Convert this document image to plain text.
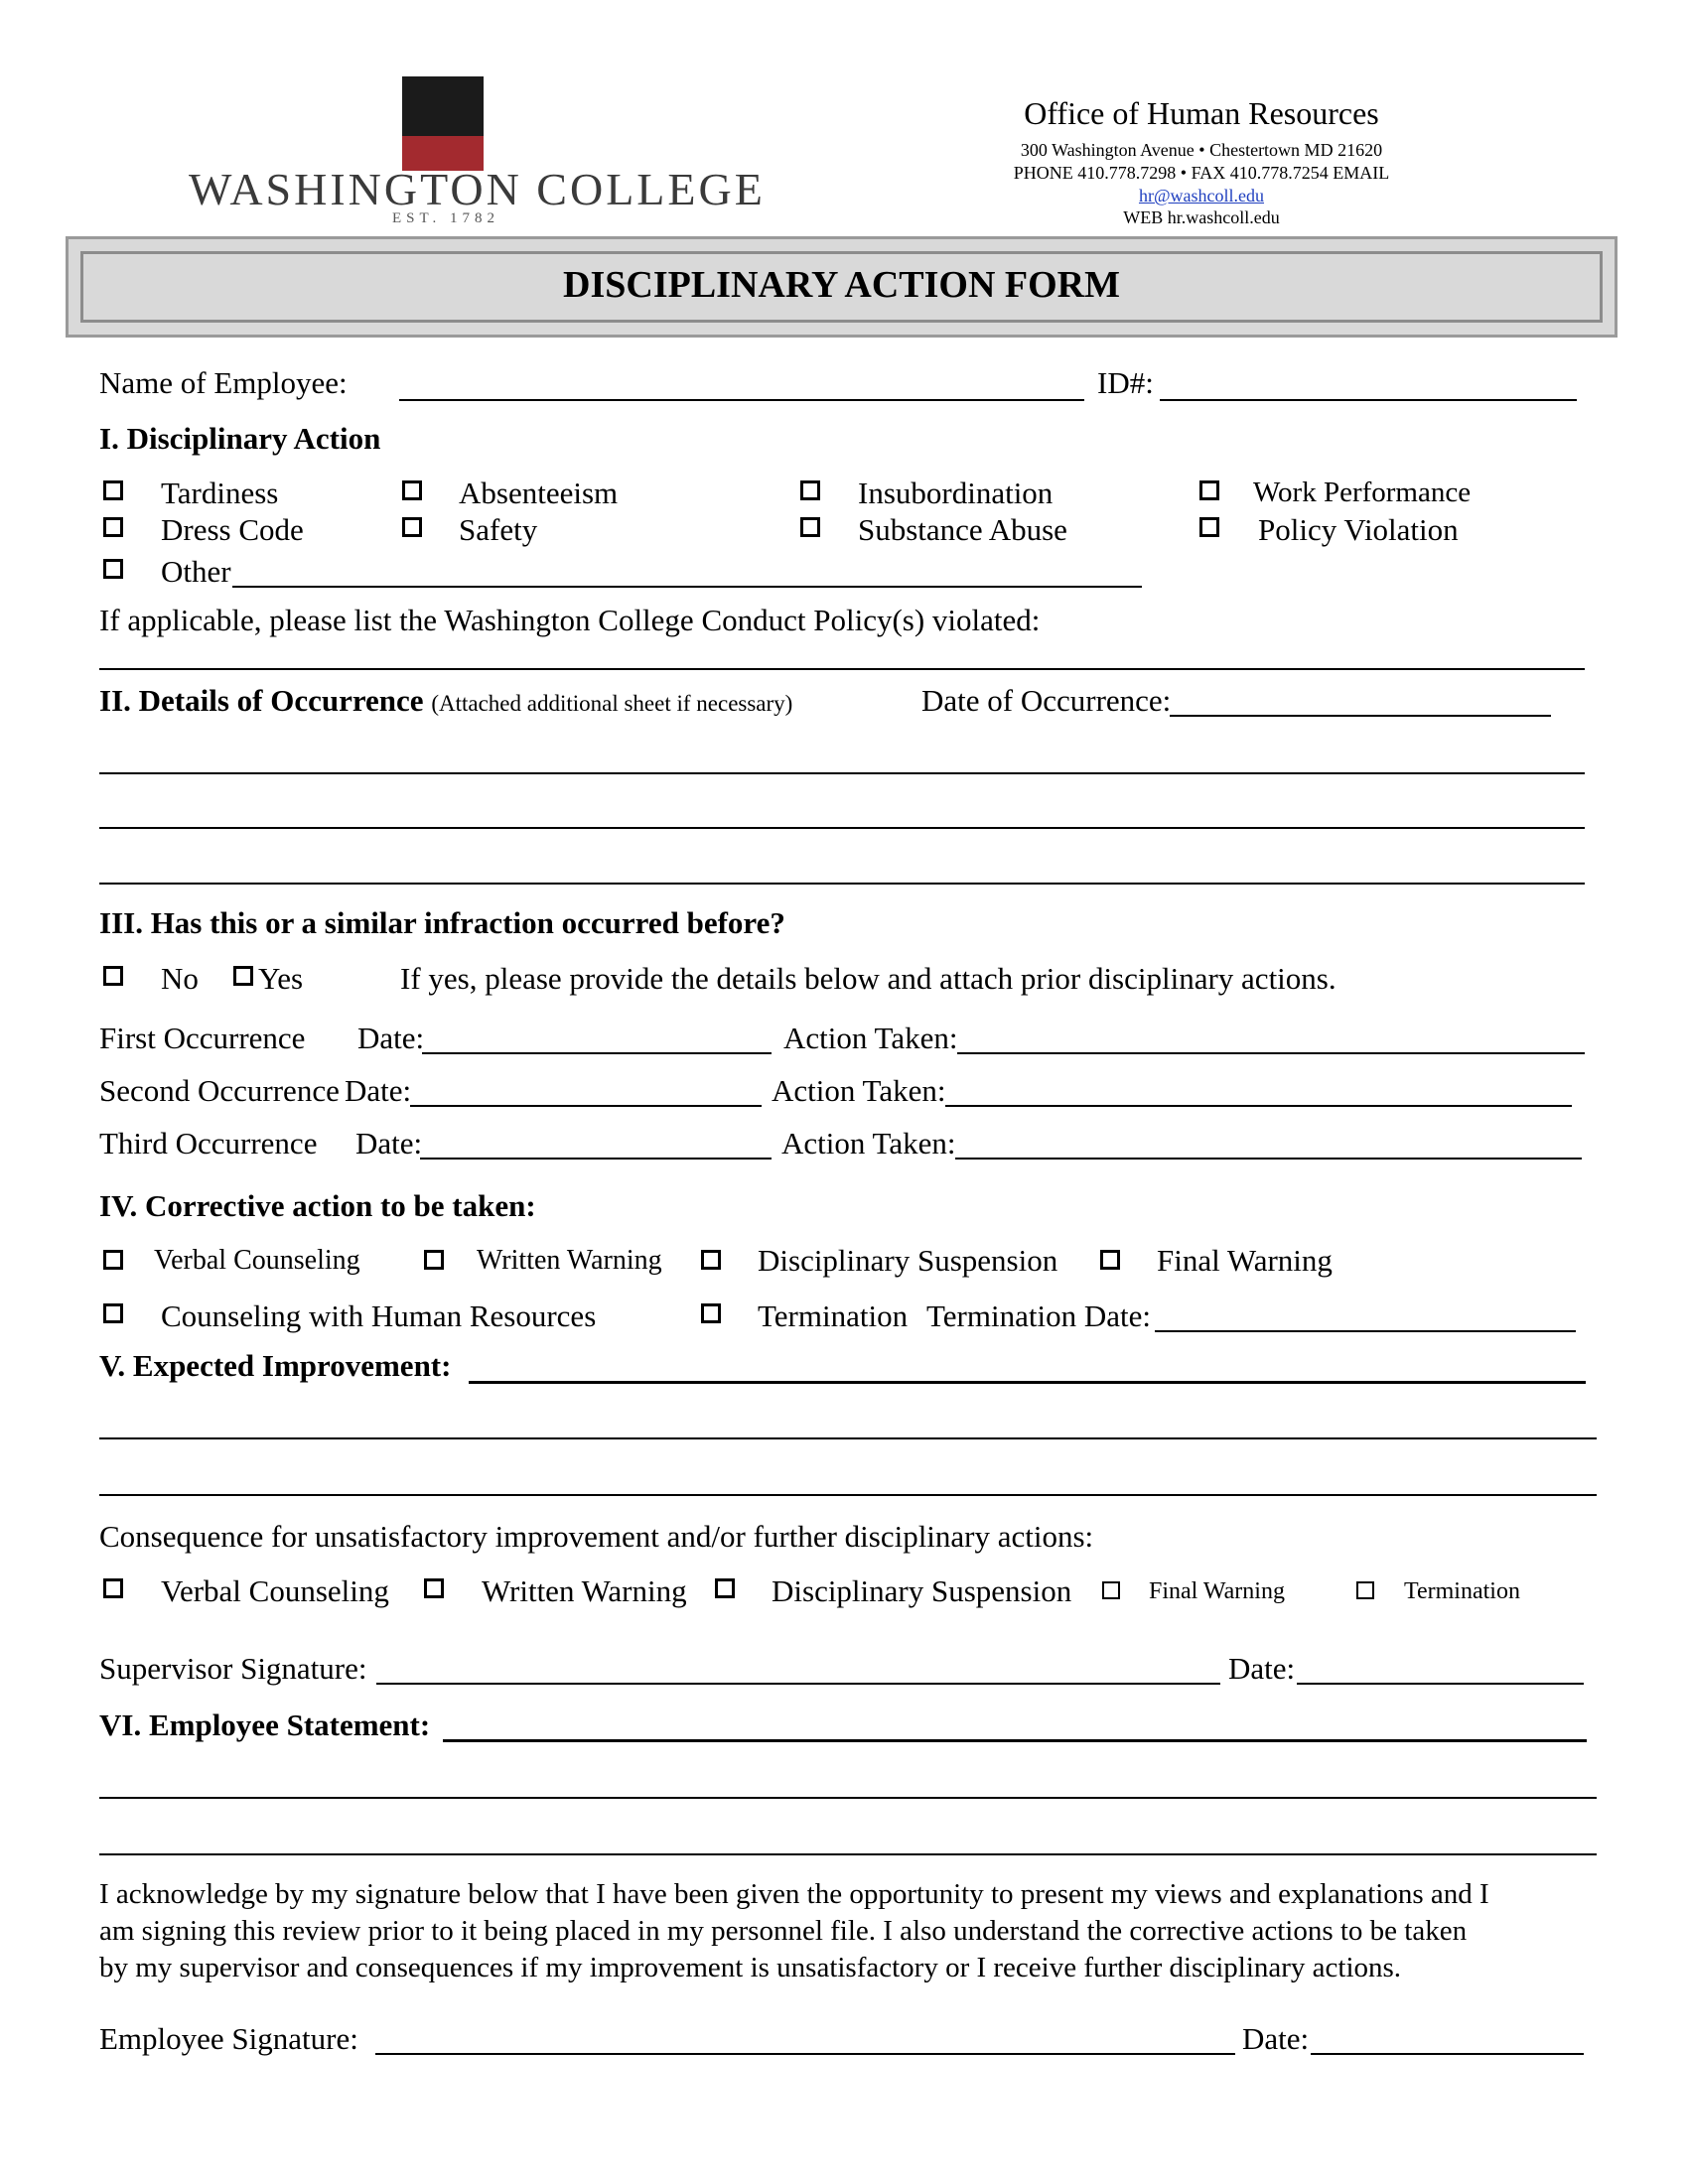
WASHINGTON COLLEGE
EST. 1782
Office of Human Resources
300 Washington Avenue • Chestertown MD 21620
PHONE 410.778.7298 • FAX 410.778.7254 EMAIL
hr@washcoll.edu
WEB hr.washcoll.edu
DISCIPLINARY ACTION FORM
Name of Employee:	ID#:
I. Disciplinary Action
Tardiness	Absenteeism	Insubordination	Work Performance
Dress Code	Safety	Substance Abuse	Policy Violation
Other
If applicable, please list the Washington College Conduct Policy(s) violated:
II. Details of Occurrence (Attached additional sheet if necessary)	Date of Occurrence:
III. Has this or a similar infraction occurred before?
No Yes	If yes, please provide the details below and attach prior disciplinary actions.
First Occurrence Date:	Action Taken:
Second Occurrence Date:	Action Taken:
Third Occurrence Date:	Action Taken:
IV. Corrective action to be taken:
Verbal Counseling	Written Warning	Disciplinary Suspension	Final Warning
Counseling with Human Resources	Termination Termination Date:
V. Expected Improvement:
Consequence for unsatisfactory improvement and/or further disciplinary actions:
Verbal Counseling	Written Warning	Disciplinary Suspension	Final Warning	Termination
Supervisor Signature:	Date:
VI. Employee Statement:
I acknowledge by my signature below that I have been given the opportunity to present my views and explanations and I
am signing this review prior to it being placed in my personnel file. I also understand the corrective actions to be taken
by my supervisor and consequences if my improvement is unsatisfactory or I receive further disciplinary actions.
Employee Signature:	Date:
